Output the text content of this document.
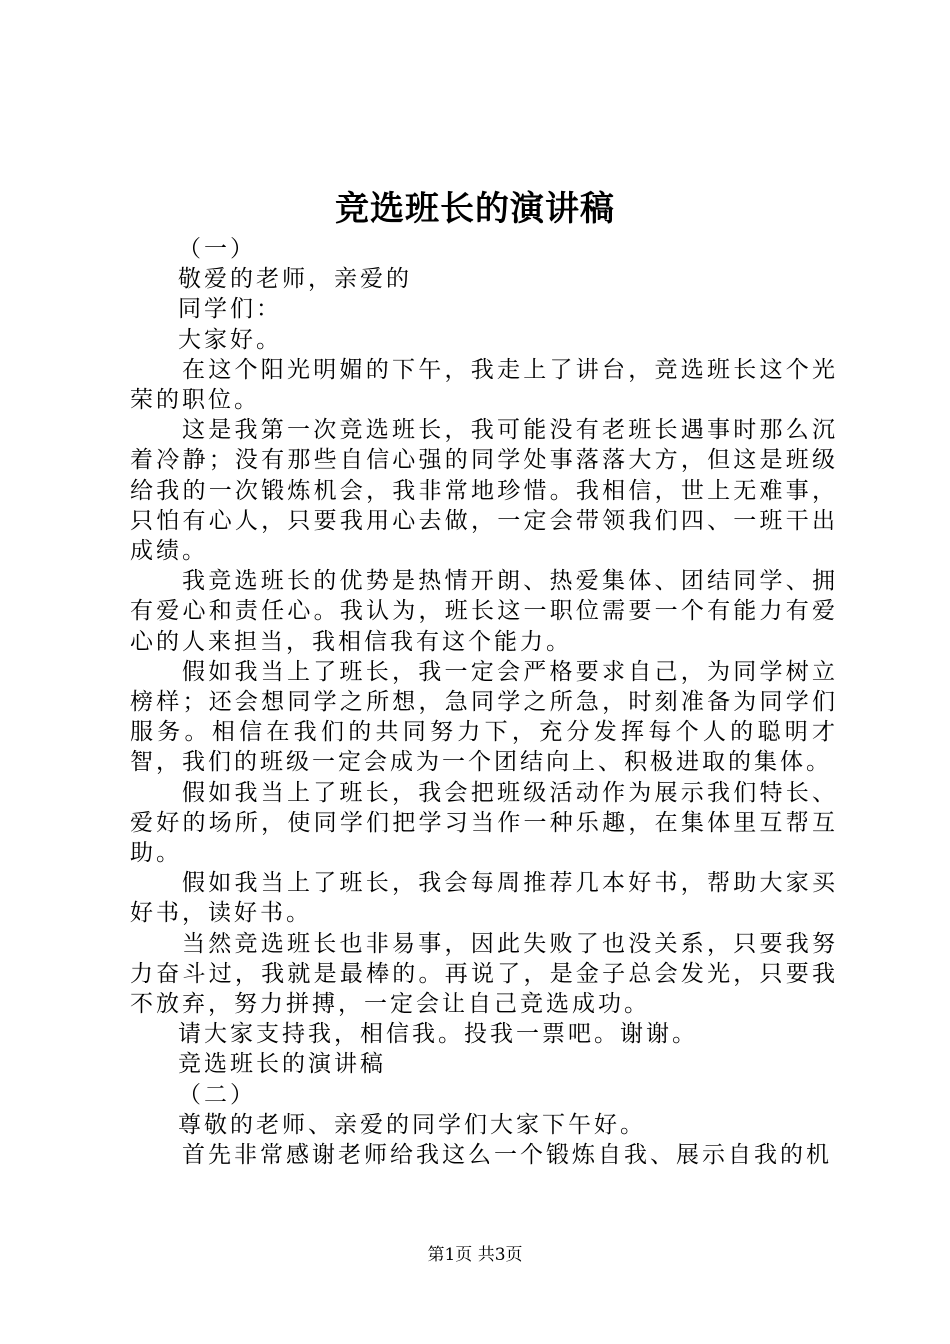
竞选班长的演讲稿

（一）

敬爱的老师，亲爱的

同学们：

大家好。

在这个阳光明媚的下午，我走上了讲台，竞选班长这个光荣的职位。

这是我第一次竞选班长，我可能没有老班长遇事时那么沉着冷静；没有那些自信心强的同学处事落落大方，但这是班级给我的一次锻炼机会，我非常地珍惜。我相信，世上无难事，只怕有心人，只要我用心去做，一定会带领我们四、一班干出成绩。

我竞选班长的优势是热情开朗、热爱集体、团结同学、拥有爱心和责任心。我认为，班长这一职位需要一个有能力有爱心的人来担当，我相信我有这个能力。

假如我当上了班长，我一定会严格要求自己，为同学树立榜样；还会想同学之所想，急同学之所急，时刻准备为同学们服务。相信在我们的共同努力下，充分发挥每个人的聪明才智，我们的班级一定会成为一个团结向上、积极进取的集体。

假如我当上了班长，我会把班级活动作为展示我们特长、爱好的场所，使同学们把学习当作一种乐趣，在集体里互帮互助。

假如我当上了班长，我会每周推荐几本好书，帮助大家买好书，读好书。

当然竞选班长也非易事，因此失败了也没关系，只要我努力奋斗过，我就是最棒的。再说了，是金子总会发光，只要我不放弃，努力拼搏，一定会让自己竞选成功。

请大家支持我，相信我。投我一票吧。谢谢。

竞选班长的演讲稿

（二）

尊敬的老师、亲爱的同学们大家下午好。

首先非常感谢老师给我这么一个锻炼自我、展示自我的机

第1页 共3页
